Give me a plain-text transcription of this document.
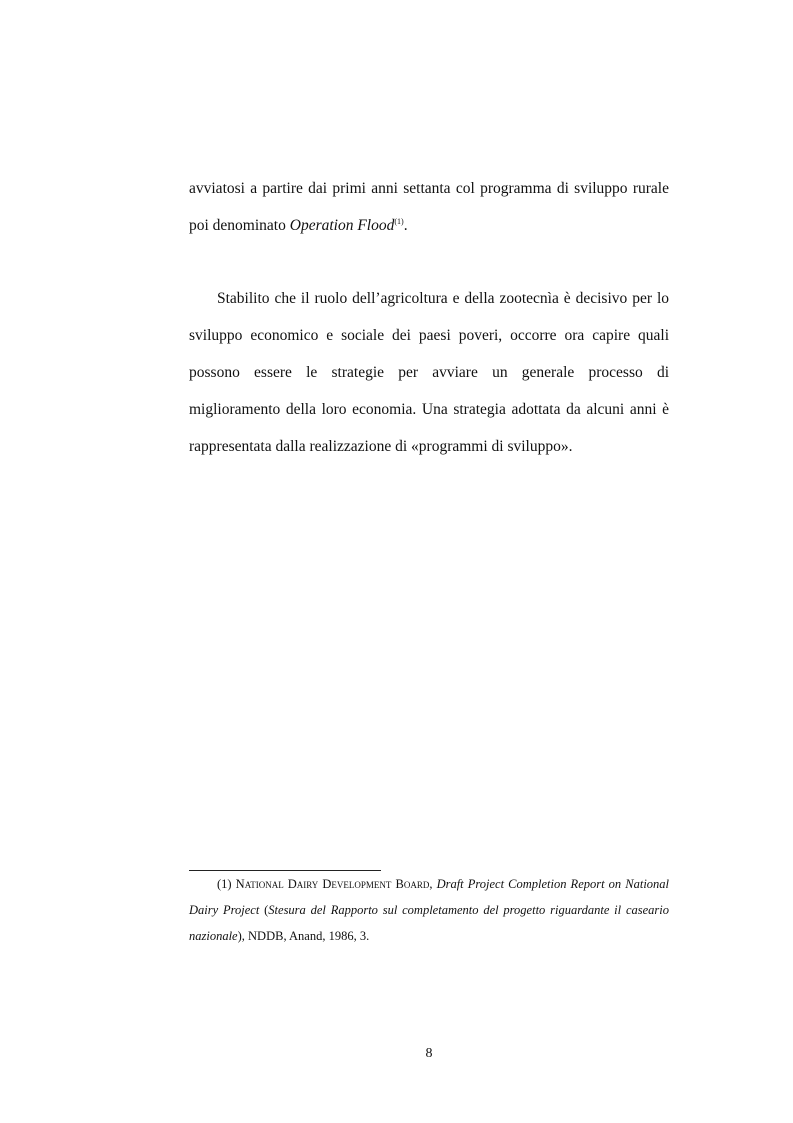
avviatosi a partire dai primi anni settanta col programma di sviluppo rurale poi denominato Operation Flood$^{(1)}$.

Stabilito che il ruolo dell’agricoltura e della zootecnìa è decisivo per lo sviluppo economico e sociale dei paesi poveri, occorre ora capire quali possono essere le strategie per avviare un generale processo di miglioramento della loro economia. Una strategia adottata da alcuni anni è rappresentata dalla realizzazione di «programmi di sviluppo».

(1) National Dairy Development Board, Draft Project Completion Report on National Dairy Project (Stesura del Rapporto sul completamento del progetto riguardante il caseario nazionale), NDDB, Anand, 1986, 3.

8
